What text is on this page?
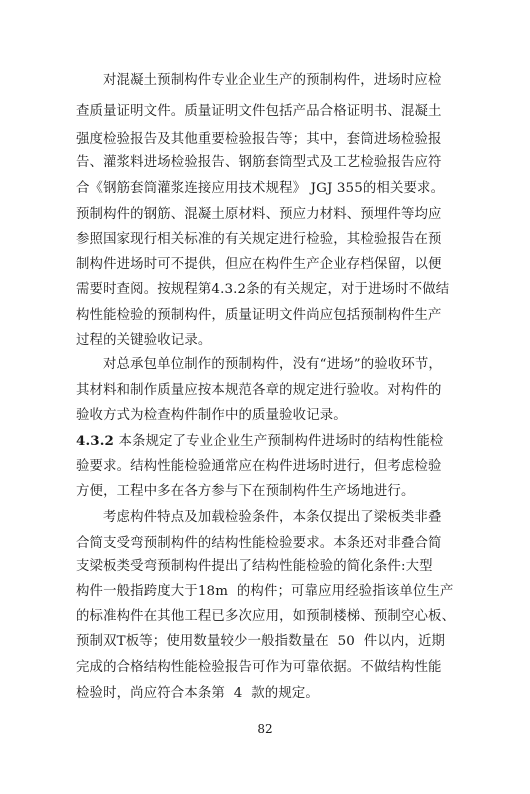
对混凝土预制构件专业企业生产的预制构件，进场时应检
查质量证明文件。质量证明文件包括产品合格证明书、混凝土
强度检验报告及其他重要检验报告等；其中，套筒进场检验报
告、灌浆料进场检验报告、钢筋套筒型式及工艺检验报告应符
合《钢筋套筒灌浆连接应用技术规程》 JGJ 355的相关要求。
预制构件的钢筋、混凝土原材料、预应力材料、预埋件等均应
参照国家现行相关标准的有关规定进行检验，其检验报告在预
制构件进场时可不提供，但应在构件生产企业存档保留，以便
需要时查阅。按规程第4.3.2条的有关规定，对于进场时不做结
构性能检验的预制构件，质量证明文件尚应包括预制构件生产
过程的关键验收记录。
对总承包单位制作的预制构件，没有“进场”的验收环节，
其材料和制作质量应按本规范各章的规定进行验收。对构件的
验收方式为检查构件制作中的质量验收记录。
4.3.2 本条规定了专业企业生产预制构件进场时的结构性能检
验要求。结构性能检验通常应在构件进场时进行，但考虑检验
方便，工程中多在各方参与下在预制构件生产场地进行。
考虑构件特点及加载检验条件，本条仅提出了梁板类非叠
合简支受弯预制构件的结构性能检验要求。本条还对非叠合简
支梁板类受弯预制构件提出了结构性能检验的简化条件:大型
构件一般指跨度大于18m  的构件；可靠应用经验指该单位生产
的标准构件在其他工程已多次应用，如预制楼梯、预制空心板、
预制双T板等；使用数量较少一般指数量在  50  件以内，近期
完成的合格结构性能检验报告可作为可靠依据。不做结构性能
检验时，尚应符合本条第  4  款的规定。
82
